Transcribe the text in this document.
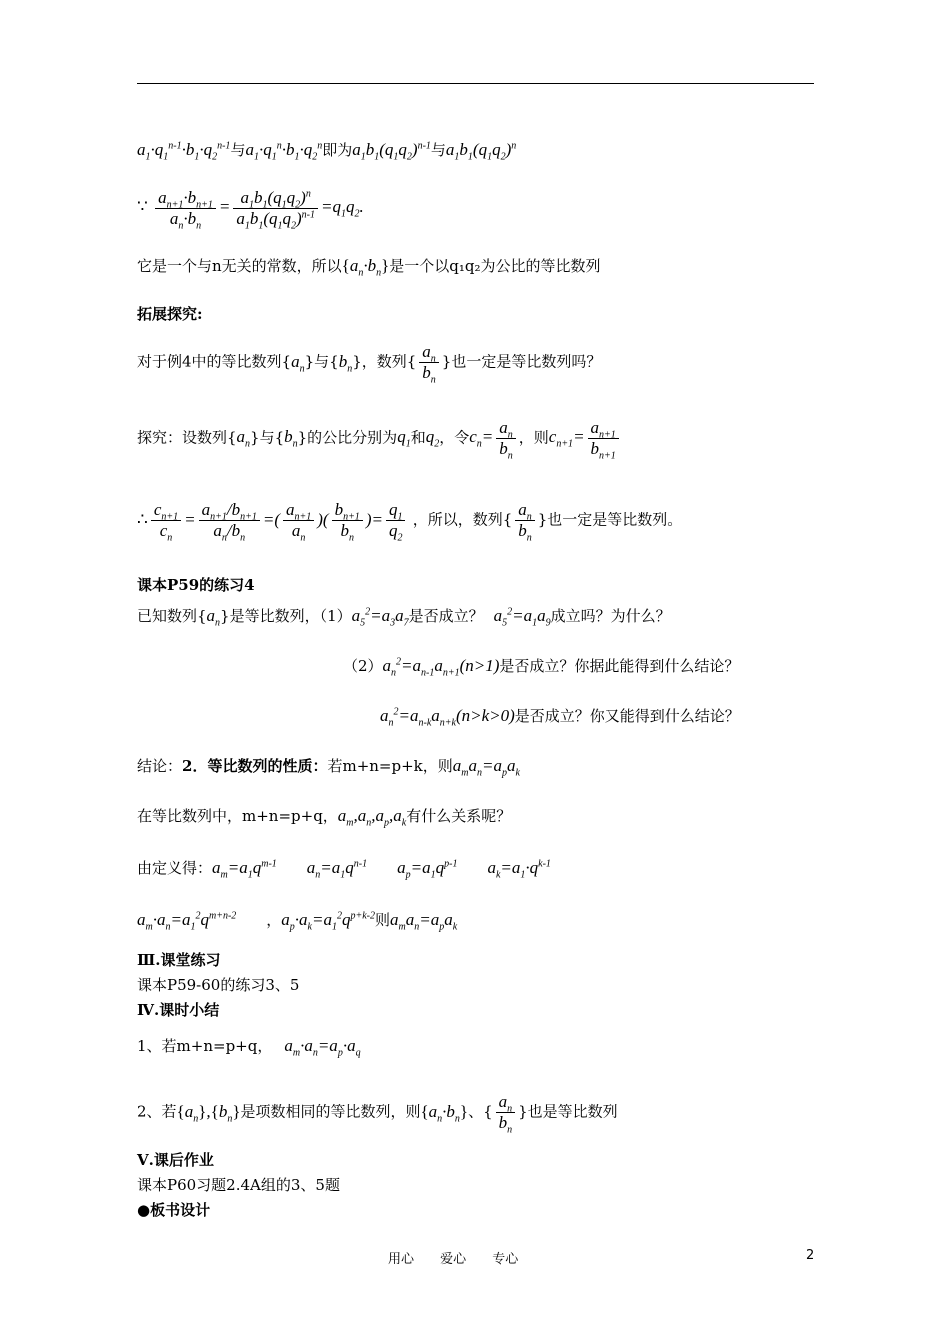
$a_1\cdot q_1^{n-1}\cdot b_1\cdot q_2^{n-1}$与$a_1\cdot q_1^n\cdot b_1\cdot q_2^n$即为$a_1b_1(q_1q_2)^{n-1}$与$a_1b_1(q_1q_2)^n$
∵ $\frac{a_{n+1}\cdot b_{n+1}}{a_n\cdot b_n} = \frac{a_1b_1(q_1q_2)^n}{a_1b_1(q_1q_2)^{n-1}} =q_1q_2$.
它是一个与n无关的常数，所以$\{a_n\cdot b_n\}$是一个以q₁q₂为公比的等比数列
拓展探究:
对于例4中的等比数列$\{a_n\}$与$\{b_n\}$，数列{ $\frac{a_n}{b_n}$ }也一定是等比数列吗？
探究：设数列$\{a_n\}$与$\{b_n\}$的公比分别为$q_1$和$q_2$，令$c_n= \frac{a_n}{b_n}$ ，则$c_{n+1}= \frac{a_{n+1}}{b_{n+1}}$
∴ $\frac{c_{n+1}}{c_n} = \frac{a_{n+1}/b_{n+1}}{a_n/b_n}$ =( $\frac{a_{n+1}}{a_n}$ )( $\frac{b_{n+1}}{b_n}$ )= $\frac{q_1}{q_2}$ ，所以，数列{ $\frac{a_n}{b_n}$ }也一定是等比数列。
课本P59的练习4
已知数列$\{a_n\}$是等比数列，$(1)a_5^2=a_3a_7$是否成立？ $a_5^2=a_1a_9$成立吗？为什么？
$(2)a_n^2=a_{n-1}a_{n+1}(n>1)$是否成立？你据此能得到什么结论？
$a_n^2=a_{n-k}a_{n+k}(n>k>0)$是否成立？你又能得到什么结论？
结论：2．等比数列的性质：若m+n=p+k，则$a_ma_n=a_pa_k$
在等比数列中，m+n=p+q，$a_m,a_n,a_p,a_k$有什么关系呢？
由定义得：$a_m=a_1q^{m-1}$ $a_n=a_1q^{n-1}$ $a_p=a_1q^{p-1}$ $a_k=a_1\cdot q^{k-1}$
$a_m\cdot a_n=a_1^2q^{m+n-2}$ ，$a_p\cdot a_k=a_1^2q^{p+k-2}$则$a_ma_n=a_pa_k$
Ⅲ.课堂练习
课本P59-60的练习3、5
Ⅳ.课时小结
1、若m+n=p+q， $a_m\cdot a_n=a_p\cdot a_q$
2、若$\{a_n\},\{b_n\}$是项数相同的等比数列，则$\{a_n\cdot b_n\}$、{ $\frac{a_n}{b_n}$ }也是等比数列
Ⅴ.课后作业
课本P60习题2.4A组的3、5题
●板书设计
用心 爱心 专心	2
